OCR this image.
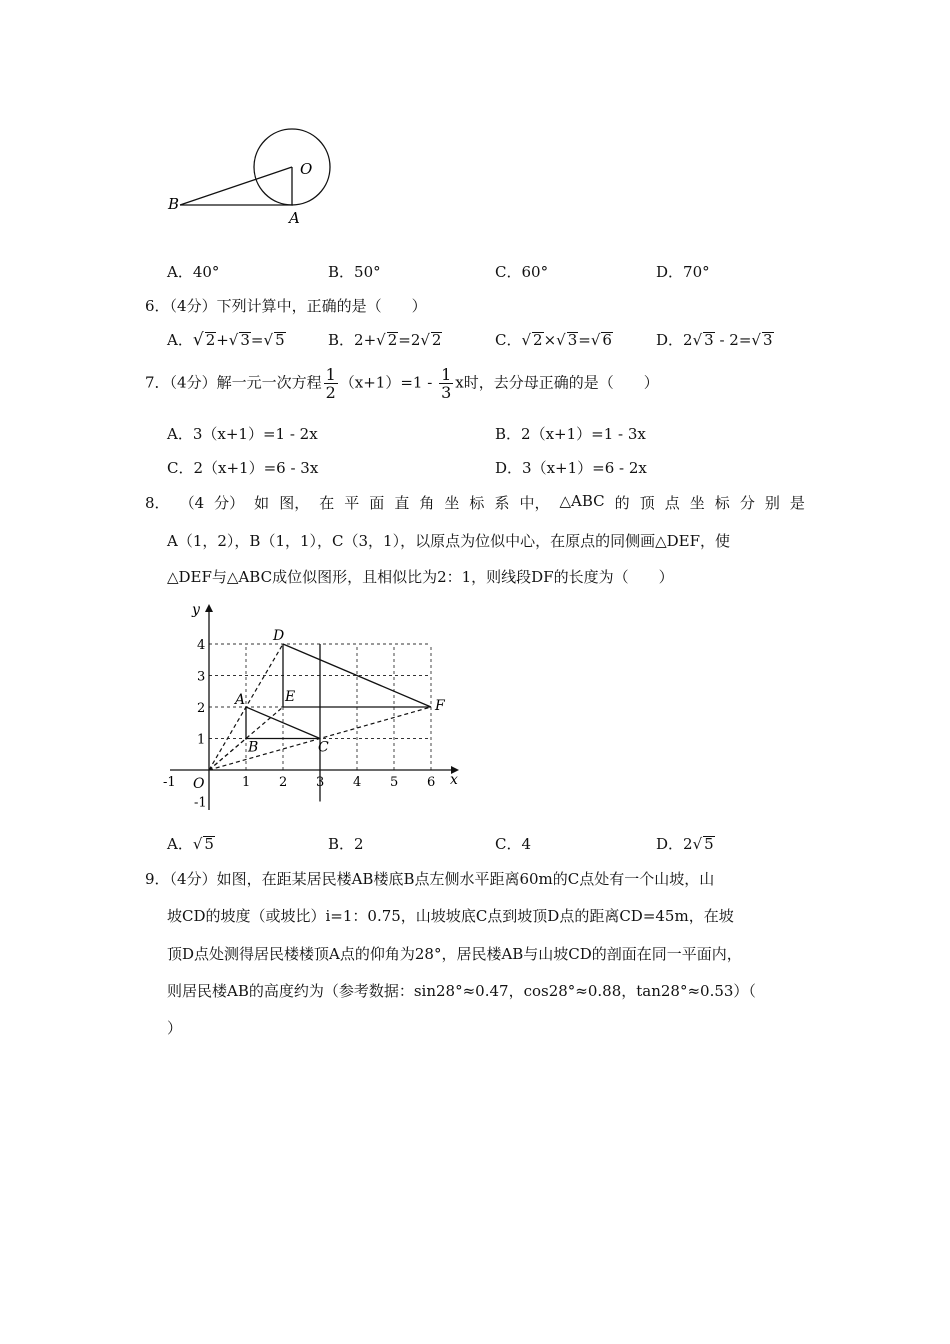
O
A
B
A．40°	B．50°	C．60°	D．70°
6．（4分）下列计算中，正确的是（　　）
A．√ 2+√ 3=√ 5	B．2+√ 2=2√ 2	C．√ 2×√ 3=√ 6	D．2√ 3 - 2=√ 3
7．（4分）解一元一次方程 $\frac{1}{2} (x+1)=1 - \frac{1}{3}$ x时，去分母正确的是（　　）
A．3（x+1）=1 - 2x	B．2（x+1）=1 - 3x
C．2（x+1）=6 - 3x	D．3（x+1）=6 - 2x
8． （4 分） 如 图， 在 平 面 直 角 坐 标 系 中， △ABC 的 顶 点 坐 标 分 别 是
A（1，2），B（1，1），C（3，1），以原点为位似中心，在原点的同侧画△DEF，使
△DEF与△ABC成位似图形，且相似比为2：1，则线段DF的长度为（　　）
x
y
O
-1	1 2 3 4 5 6
-1
1
2
3
4
A
B	C
D
E
F
A．√ 5	B．2	C．4	D．2√ 5
9．（4分）如图，在距某居民楼AB楼底B点左侧水平距离60m的C点处有一个山坡，山
坡CD的坡度（或坡比）i=1：0.75，山坡坡底C点到坡顶D点的距离CD=45m，在坡
顶D点处测得居民楼楼顶A点的仰角为28°，居民楼AB与山坡CD的剖面在同一平面内，
则居民楼AB的高度约为（参考数据：sin28°≈0.47，cos28°≈0.88，tan28°≈0.53）（
）
